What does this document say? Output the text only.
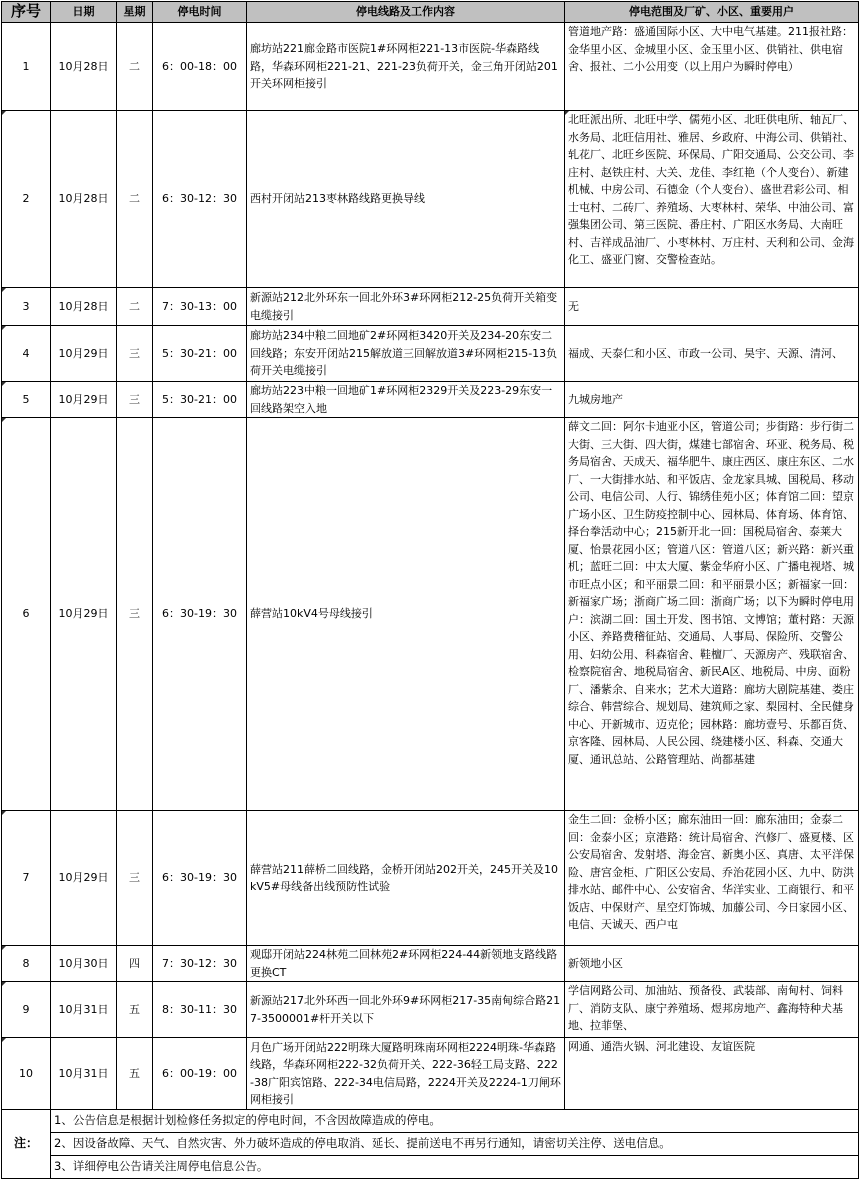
序号	日期	星期	停电时间	停电线路及工作内容	停电范围及厂矿、小区、重要用户
1	10月28日	二	6：00-18：00	廊坊站221廊金路市医院1#环网柜221-13市医院-华森路线路，华森环网柜221-21、221-23负荷开关，金三角开闭站201开关环网柜接引	管道地产路：盛通国际小区、大中电气基建。211报社路：金华里小区、金城里小区、金玉里小区、供销社、供电宿舍、报社、二小公用变（以上用户为瞬时停电）
2	10月28日	二	6：30-12：30	西村开闭站213枣林路线路更换导线	北旺派出所、北旺中学、儒苑小区、北旺供电所、轴瓦厂、水务局、北旺信用社、雅居、乡政府、中海公司、供销社、轧花厂、北旺乡医院、环保局、广阳交通局、公交公司、李庄村、赵铁庄村、大关、龙佳、李红艳（个人变台）、新建机械、中房公司、石德金（个人变台）、盛世君彩公司、相士屯村、二砖厂、养殖场、大枣林村、荣华、中油公司、富强集团公司、第三医院、番庄村、广阳区水务局、大南旺村、吉祥成品油厂、小枣林村、万庄村、天利和公司、金海化工、盛亚门窗、交警检查站。
3	10月28日	二	7：30-13：00	新源站212北外环东一回北外环3#环网柜212-25负荷开关箱变电缆接引	无
4	10月29日	三	5：30-21：00	廊坊站234中粮二回地矿2#环网柜3420开关及234-20东安二回线路；东安开闭站215解放道三回解放道3#环网柜215-13负荷开关电缆接引	福成、天泰仁和小区、市政一公司、昊宇、天源、清河、
5	10月29日	三	5：30-21：00	廊坊站223中粮一回地矿1#环网柜2329开关及223-29东安一回线路架空入地	九城房地产
6	10月29日	三	6：30-19：30	薛营站10kV4号母线接引	薛文二回：阿尔卡迪亚小区，管道公司；步街路：步行街二大街、三大街、四大街，煤建七部宿舍、环亚、税务局、税务局宿舍、天成天、福华肥牛、康庄西区、康庄东区、二水厂、一大街排水站、和平饭店、金龙家具城、国税局、移动公司、电信公司、人行、锦绣佳苑小区；体育馆二回：望京广场小区、卫生防疫控制中心、园林局、体育场、体育馆、择台拳活动中心；215新开北一回：国税局宿舍、泰莱大厦、怡景花园小区；管道八区：管道八区；新兴路：新兴重机；蓝旺二回：中太大厦、紫金华府小区、广播电视塔、城市旺点小区；和平丽景二回：和平丽景小区；新福家一回：新福家广场；浙商广场二回：浙商广场；以下为瞬时停电用户：滨湖二回：国土开发、图书馆、文博馆；董村路：天源小区、养路费稽征站、交通局、人事局、保险所、交警公用、妇幼公用、科森宿舍、鞋檀厂、天源房产、残联宿舍、检察院宿舍、地税局宿舍、新民A区、地税局、中房、面粉厂、潘紫余、自来水；艺术大道路：廊坊大剧院基建、娄庄综合、韩营综合、规划局、建筑师之家、梨园村、全民健身中心、开新城市、迈克伦；园林路：廊坊壹号、乐都百货、京客隆、园林局、人民公园、绕建楼小区、科森、交通大厦、通讯总站、公路管理站、尚都基建
7	10月29日	三	6：30-19：30	薛营站211薛桥二回线路，金桥开闭站202开关，245开关及10kV5#母线备出线预防性试验	金生二回：金桥小区；廊东油田一回：廊东油田；金泰二回：金泰小区；京港路：统计局宿舍、汽修厂、盛夏楼、区公安局宿舍、发射塔、海金宫、新奥小区、真唐、太平洋保险、唐宫金柜、广阳区公安局、乔治花园小区、九中、防洪排水站、邮件中心、公安宿舍、华洋实业、工商银行、和平饭店、中保财产、星空灯饰城、加藤公司、今日家园小区、电信、天诚天、西户屯
8	10月30日	四	7：30-12：30	观邸开闭站224林苑二回林苑2#环网柜224-44新领地支路线路更换CT	新领地小区
9	10月31日	五	8：30-11：30	新源站217北外环西一回北外环9#环网柜217-35南甸综合路217-3500001#杆开关以下	学信网路公司、加油站、预备役、武装部、南甸村、饲料厂、消防支队、康宁养殖场、煜邦房地产、鑫海特种犬基地、拉菲堡、
10	10月31日	五	6：00-19：00	月色广场开闭站222明珠大厦路明珠南环网柜2224明珠-华森路线路，华森环网柜222-32负荷开关、222-36轻工局支路、222-38广阳宾馆路、222-34电信局路，2224开关及2224-1刀闸环网柜接引	网通、通浩火锅、河北建设、友谊医院
注：	1、公告信息是根据计划检修任务拟定的停电时间，不含因故障造成的停电。				
	2、因设备故障、天气、自然灾害、外力破坏造成的停电取消、延长、提前送电不再另行通知，请密切关注停、送电信息。				
	3、详细停电公告请关注周停电信息公告。				
